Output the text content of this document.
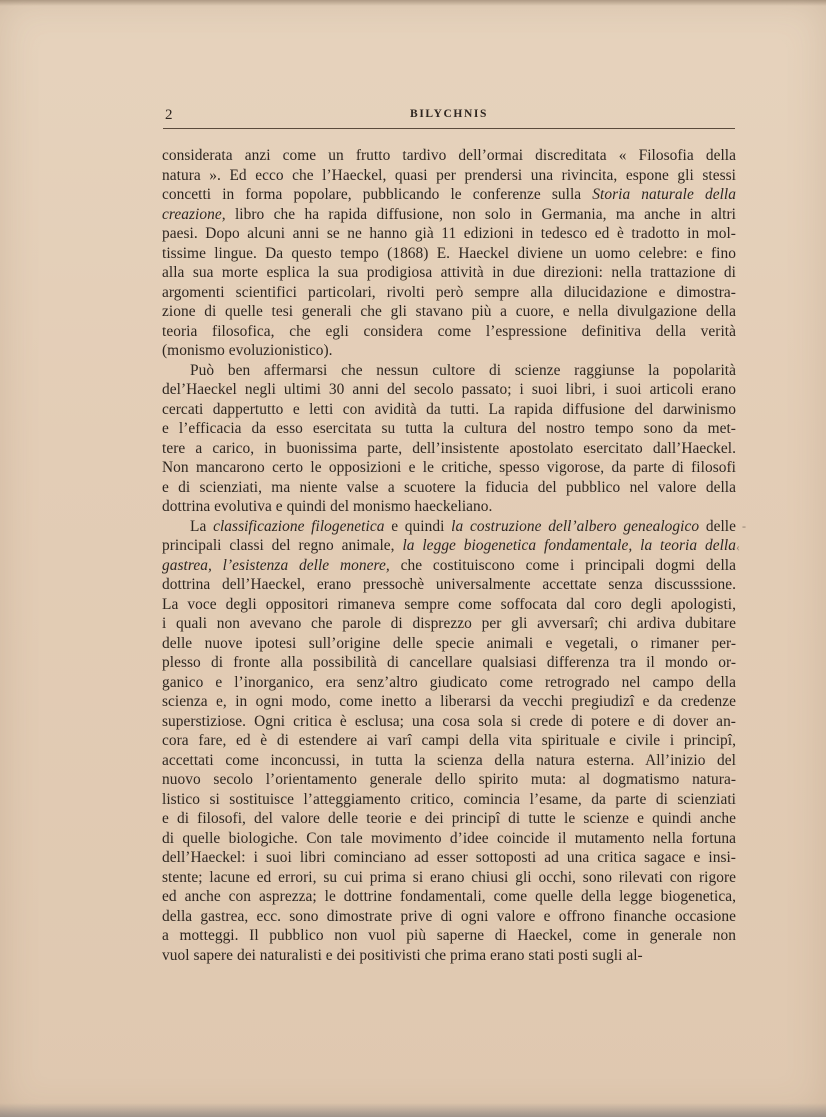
2	BILYCHNIS
considerata anzi come un frutto tardivo dell’ormai discreditata « Filosofia della
natura ». Ed ecco che l’Haeckel, quasi per prendersi una rivincita, espone gli stessi
concetti in forma popolare, pubblicando le conferenze sulla Storia naturale della
creazione, libro che ha rapida diffusione, non solo in Germania, ma anche in altri
paesi. Dopo alcuni anni se ne hanno già 11 edizioni in tedesco ed è tradotto in mol-
tissime lingue. Da questo tempo (1868) E. Haeckel diviene un uomo celebre: e fino
alla sua morte esplica la sua prodigiosa attività in due direzioni: nella trattazione di
argomenti scientifici particolari, rivolti però sempre alla dilucidazione e dimostra-
zione di quelle tesi generali che gli stavano più a cuore, e nella divulgazione della
teoria filosofica, che egli considera come l’espressione definitiva della verità
(monismo evoluzionistico).
Può ben affermarsi che nessun cultore di scienze raggiunse la popolarità
del’Haeckel negli ultimi 30 anni del secolo passato; i suoi libri, i suoi articoli erano
cercati dappertutto e letti con avidità da tutti. La rapida diffusione del darwinismo
e l’efficacia da esso esercitata su tutta la cultura del nostro tempo sono da met-
tere a carico, in buonissima parte, dell’insistente apostolato esercitato dall’Haeckel.
Non mancarono certo le opposizioni e le critiche, spesso vigorose, da parte di filosofi
e di scienziati, ma niente valse a scuotere la fiducia del pubblico nel valore della
dottrina evolutiva e quindi del monismo haeckeliano.
La classificazione filogenetica e quindi la costruzione dell’albero genealogico delle
principali classi del regno animale, la legge biogenetica fondamentale, la teoria della
gastrea, l’esistenza delle monere, che costituiscono come i principali dogmi della
dottrina dell’Haeckel, erano pressochè universalmente accettate senza discusssione.
La voce degli oppositori rimaneva sempre come soffocata dal coro degli apologisti,
i quali non avevano che parole di disprezzo per gli avversarî; chi ardiva dubitare
delle nuove ipotesi sull’origine delle specie animali e vegetali, o rimaner per-
plesso di fronte alla possibilità di cancellare qualsiasi differenza tra il mondo or-
ganico e l’inorganico, era senz’altro giudicato come retrogrado nel campo della
scienza e, in ogni modo, come inetto a liberarsi da vecchi pregiudizî e da credenze
superstiziose. Ogni critica è esclusa; una cosa sola si crede di potere e di dover an-
cora fare, ed è di estendere ai varî campi della vita spirituale e civile i principî,
accettati come inconcussi, in tutta la scienza della natura esterna. All’inizio del
nuovo secolo l’orientamento generale dello spirito muta: al dogmatismo natura-
listico si sostituisce l’atteggiamento critico, comincia l’esame, da parte di scienziati
e di filosofi, del valore delle teorie e dei principî di tutte le scienze e quindi anche
di quelle biologiche. Con tale movimento d’idee coincide il mutamento nella fortuna
dell’Haeckel: i suoi libri cominciano ad esser sottoposti ad una critica sagace e insi-
stente; lacune ed errori, su cui prima si erano chiusi gli occhi, sono rilevati con rigore
ed anche con asprezza; le dottrine fondamentali, come quelle della legge biogenetica,
della gastrea, ecc. sono dimostrate prive di ogni valore e offrono finanche occasione
a motteggi. Il pubblico non vuol più saperne di Haeckel, come in generale non
vuol sapere dei naturalisti e dei positivisti che prima erano stati posti sugli al-
‹
-
